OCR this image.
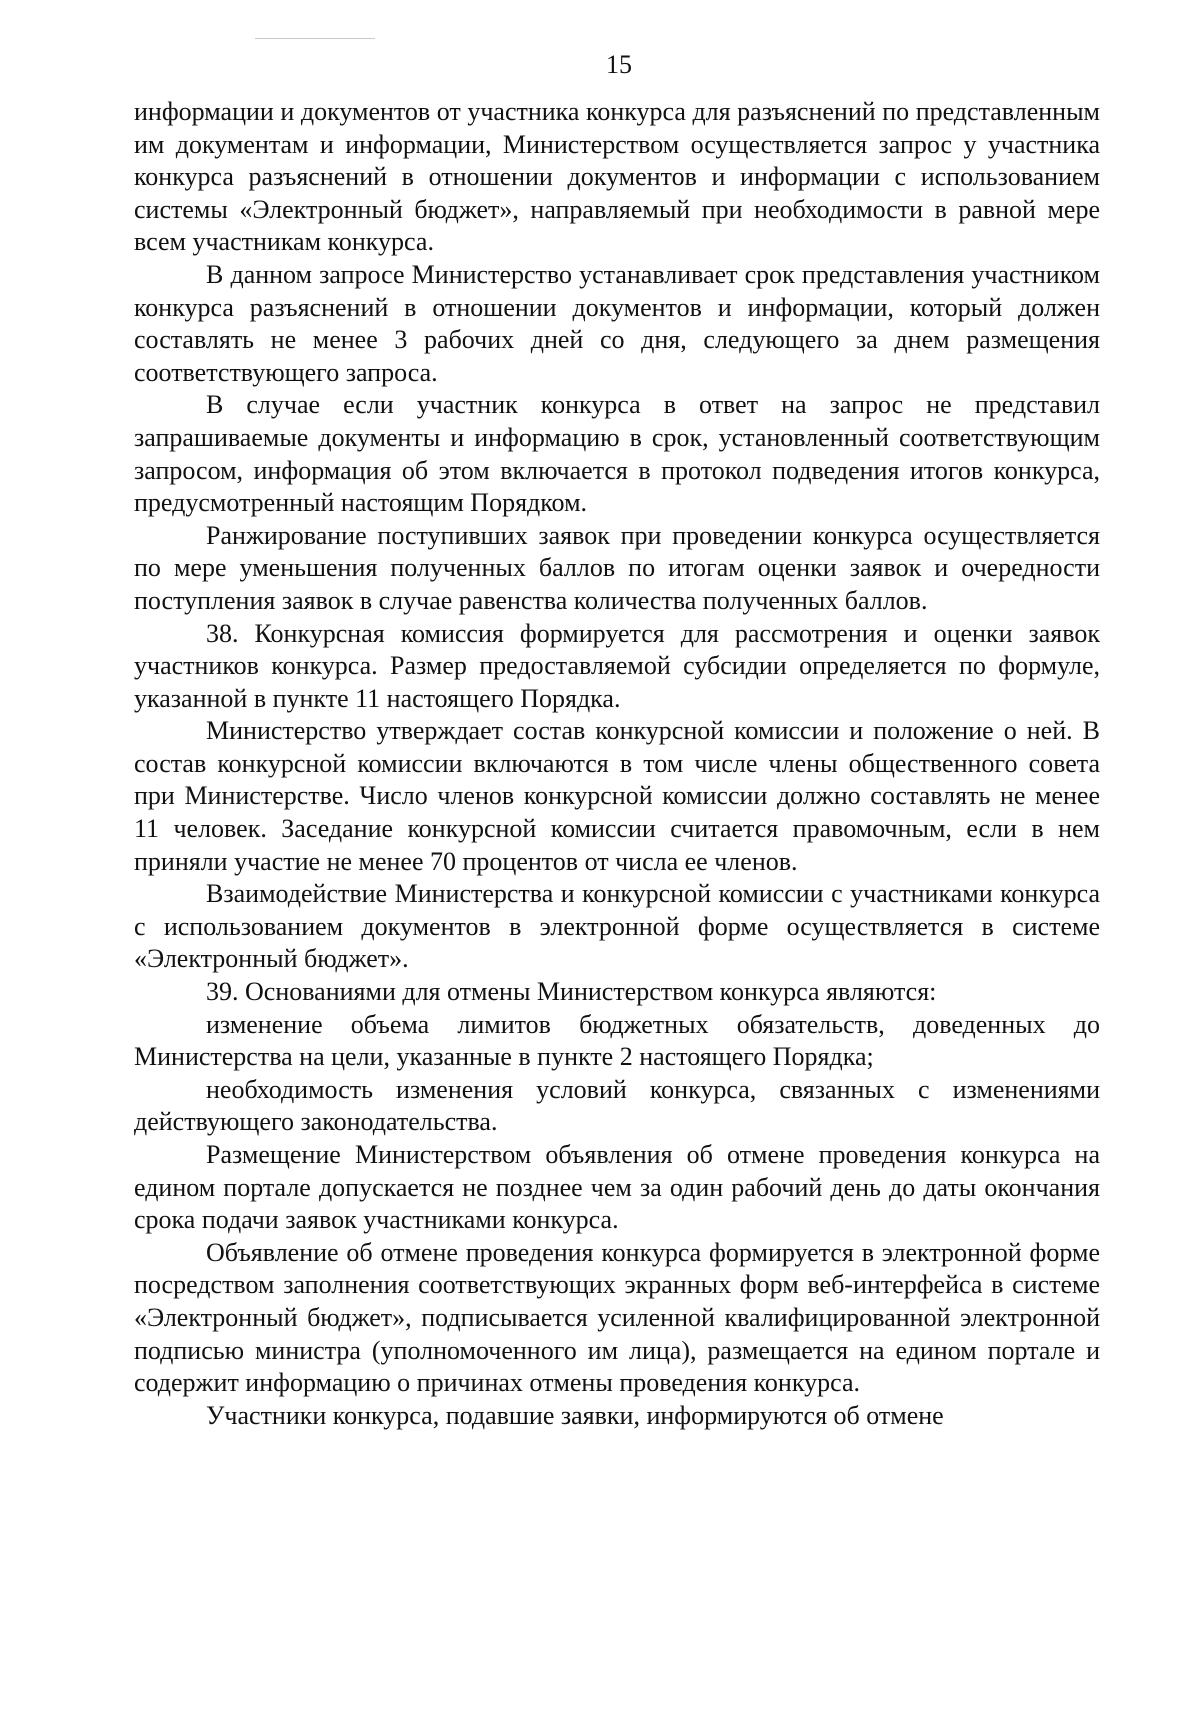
15

информации и документов от участника конкурса для разъяснений по представленным им документам и информации, Министерством осуществляется запрос у участника конкурса разъяснений в отношении документов и информации с использованием системы «Электронный бюджет», направляемый при необходимости в равной мере всем участникам конкурса.

В данном запросе Министерство устанавливает срок представления участником конкурса разъяснений в отношении документов и информации, который должен составлять не менее 3 рабочих дней со дня, следующего за днем размещения соответствующего запроса.

В случае если участник конкурса в ответ на запрос не представил запрашиваемые документы и информацию в срок, установленный соответствующим запросом, информация об этом включается в протокол подведения итогов конкурса, предусмотренный настоящим Порядком.

Ранжирование поступивших заявок при проведении конкурса осуществляется по мере уменьшения полученных баллов по итогам оценки заявок и очередности поступления заявок в случае равенства количества полученных баллов.

38. Конкурсная комиссия формируется для рассмотрения и оценки заявок участников конкурса. Размер предоставляемой субсидии определяется по формуле, указанной в пункте 11 настоящего Порядка.

Министерство утверждает состав конкурсной комиссии и положение о ней. В состав конкурсной комиссии включаются в том числе члены общественного совета при Министерстве. Число членов конкурсной комиссии должно составлять не менее 11 человек. Заседание конкурсной комиссии считается правомочным, если в нем приняли участие не менее 70 процентов от числа ее членов.

Взаимодействие Министерства и конкурсной комиссии с участниками конкурса с использованием документов в электронной форме осуществляется в системе «Электронный бюджет».

39. Основаниями для отмены Министерством конкурса являются:

изменение объема лимитов бюджетных обязательств, доведенных до Министерства на цели, указанные в пункте 2 настоящего Порядка;

необходимость изменения условий конкурса, связанных с изменениями действующего законодательства.

Размещение Министерством объявления об отмене проведения конкурса на едином портале допускается не позднее чем за один рабочий день до даты окончания срока подачи заявок участниками конкурса.

Объявление об отмене проведения конкурса формируется в электронной форме посредством заполнения соответствующих экранных форм веб-интерфейса в системе «Электронный бюджет», подписывается усиленной квалифицированной электронной подписью министра (уполномоченного им лица), размещается на едином портале и содержит информацию о причинах отмены проведения конкурса.

Участники конкурса, подавшие заявки, информируются об отмене
